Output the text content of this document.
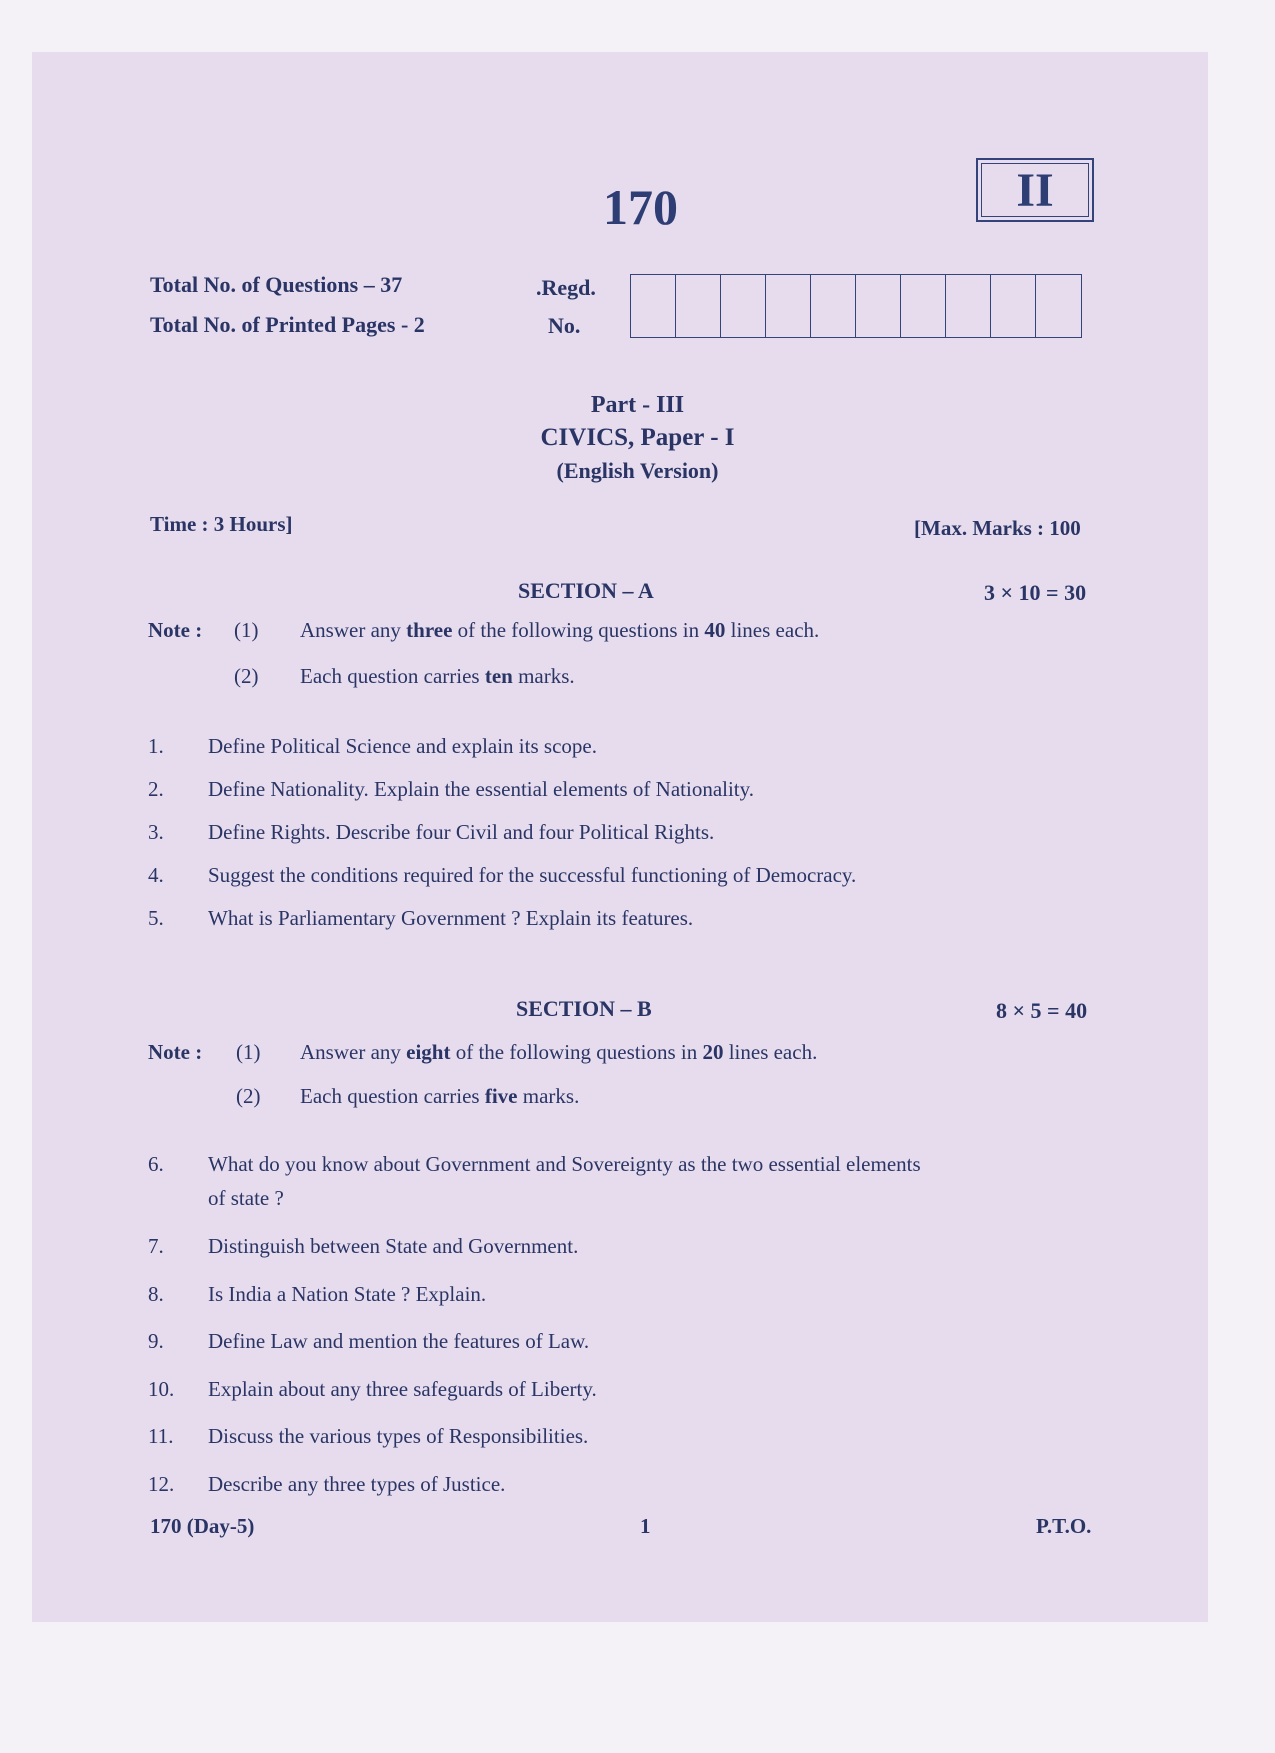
170	II
Total No. of Questions – 37
Total No. of Printed Pages - 2
.Regd.
No.
Part - III
CIVICS, Paper - I
(English Version)
Time : 3 Hours]	[Max. Marks : 100
SECTION – A	3 × 10 = 30
Note : (1) Answer any three of the following questions in 40 lines each.
(2) Each question carries ten marks.
1. Define Political Science and explain its scope.
2. Define Nationality. Explain the essential elements of Nationality.
3. Define Rights. Describe four Civil and four Political Rights.
4. Suggest the conditions required for the successful functioning of Democracy.
5. What is Parliamentary Government ? Explain its features.
SECTION – B	8 × 5 = 40
Note : (1) Answer any eight of the following questions in 20 lines each.
(2) Each question carries five marks.
6. What do you know about Government and Sovereignty as the two essential elements
of state ?
7. Distinguish between State and Government.
8. Is India a Nation State ? Explain.
9. Define Law and mention the features of Law.
10. Explain about any three safeguards of Liberty.
11. Discuss the various types of Responsibilities.
12. Describe any three types of Justice.
170 (Day-5)	1	P.T.O.
